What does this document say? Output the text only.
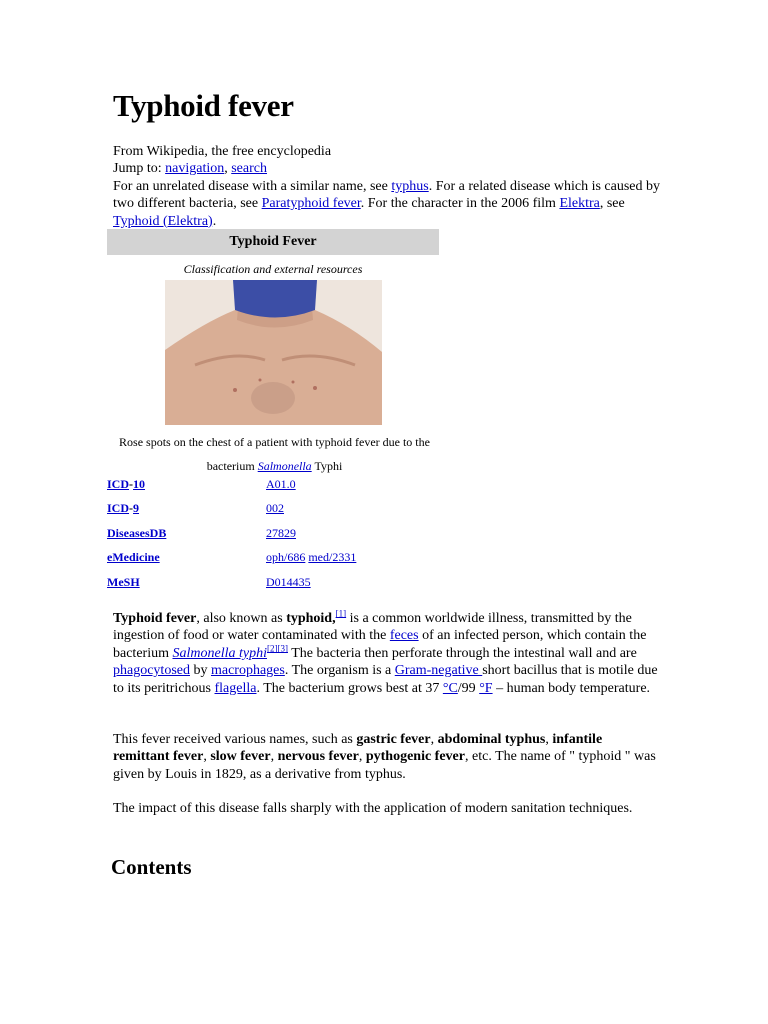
Typhoid fever
From Wikipedia, the free encyclopedia
Jump to: navigation, search
For an unrelated disease with a similar name, see typhus. For a related disease which is caused by two different bacteria, see Paratyphoid fever. For the character in the 2006 film Elektra, see Typhoid (Elektra).
Typhoid Fever
Classification and external resources
Rose spots on the chest of a patient with typhoid fever due to the bacterium Salmonella Typhi
ICD-10	A01.0
ICD-9	002
DiseasesDB	27829
eMedicine	oph/686 med/2331
MeSH	D014435
Typhoid fever, also known as typhoid,[1] is a common worldwide illness, transmitted by the ingestion of food or water contaminated with the feces of an infected person, which contain the bacterium Salmonella typhi[2][3] The bacteria then perforate through the intestinal wall and are phagocytosed by macrophages. The organism is a Gram-negative short bacillus that is motile due to its peritrichous flagella. The bacterium grows best at 37 °C/99 °F – human body temperature.
This fever received various names, such as gastric fever, abdominal typhus, infantile remittant fever, slow fever, nervous fever, pythogenic fever, etc. The name of " typhoid " was given by Louis in 1829, as a derivative from typhus.
The impact of this disease falls sharply with the application of modern sanitation techniques.
Contents
